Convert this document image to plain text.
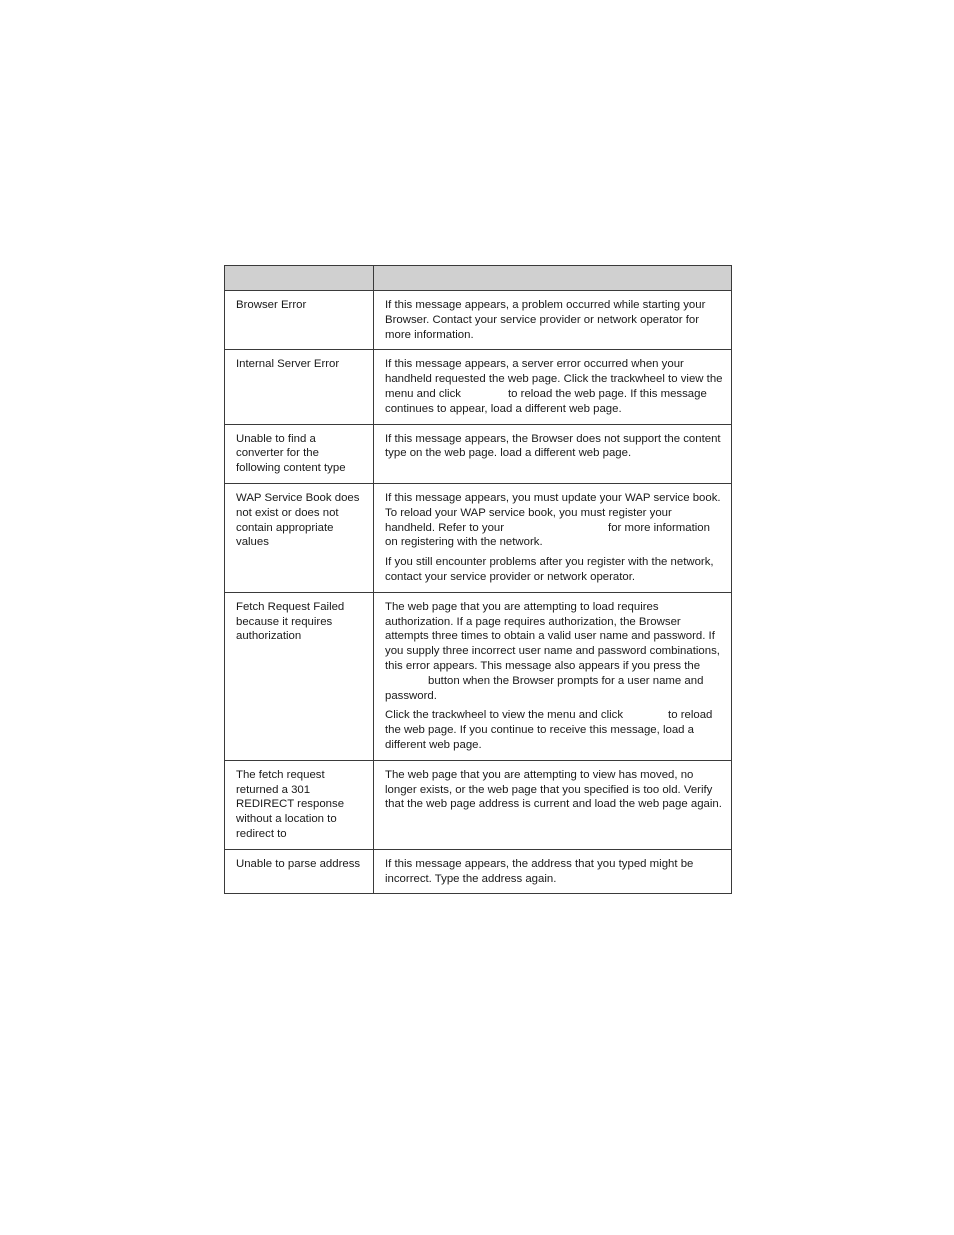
Browser Error	If this message appears, a problem occurred while starting your Browser. Contact your service provider or network operator for more information.

Internal Server Error	If this message appears, a server error occurred when your handheld requested the web page. Click the trackwheel to view the menu and click to reload the web page. If this message continues to appear, load a different web page.

Unable to find a converter for the following content type	If this message appears, the Browser does not support the content type on the web page. load a different web page.

WAP Service Book does not exist or does not contain appropriate values	If this message appears, you must update your WAP service book. To reload your WAP service book, you must register your handheld. Refer to your for more information on registering with the network.

If you still encounter problems after you register with the network, contact your service provider or network operator.

Fetch Request Failed because it requires authorization	The web page that you are attempting to load requires authorization. If a page requires authorization, the Browser attempts three times to obtain a valid user name and password. If you supply three incorrect user name and password combinations, this error appears. This message also appears if you press thebutton when the Browser prompts for a user name and password.

Click the trackwheel to view the menu and click to reload the web page. If you continue to receive this message, load a different web page.

The fetch request returned a 301 REDIRECT response without a location to redirect to	The web page that you are attempting to view has moved, no longer exists, or the web page that you specified is too old. Verify that the web page address is current and load the web page again.

Unable to parse address	If this message appears, the address that you typed might be incorrect. Type the address again.
